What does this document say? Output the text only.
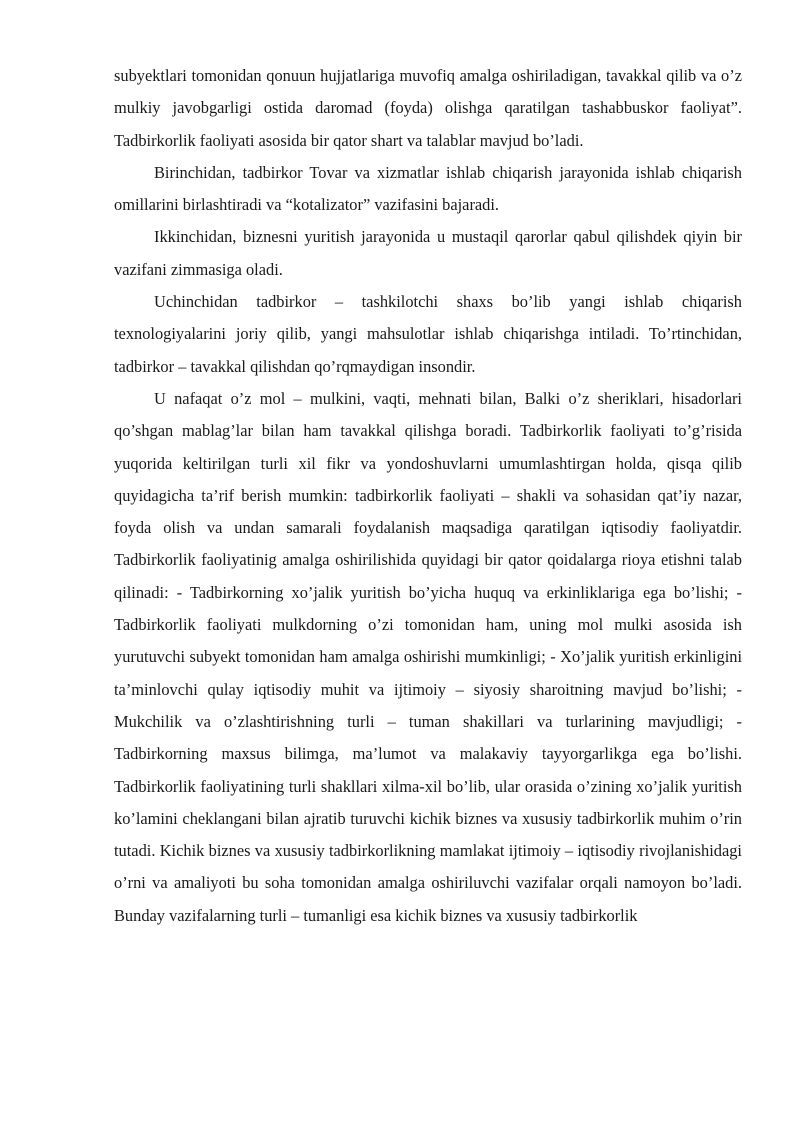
subyektlari tomonidan qonuun hujjatlariga muvofiq amalga oshiriladigan, tavakkal qilib va o’z mulkiy javobgarligi ostida daromad (foyda) olishga qaratilgan tashabbuskor faoliyat”. Tadbirkorlik faoliyati asosida bir qator shart va talablar mavjud bo’ladi.

Birinchidan, tadbirkor Tovar va xizmatlar ishlab chiqarish jarayonida ishlab chiqarish omillarini birlashtiradi va “kotalizator” vazifasini bajaradi.

Ikkinchidan, biznesni yuritish jarayonida u mustaqil qarorlar qabul qilishdek qiyin bir vazifani zimmasiga oladi.

Uchinchidan tadbirkor – tashkilotchi shaxs bo’lib yangi ishlab chiqarish texnologiyalarini joriy qilib, yangi mahsulotlar ishlab chiqarishga intiladi. To’rtinchidan, tadbirkor – tavakkal qilishdan qo’rqmaydigan insondir.

U nafaqat o’z mol – mulkini, vaqti, mehnati bilan, Balki o’z sheriklari, hisadorlari qo’shgan mablag’lar bilan ham tavakkal qilishga boradi. Tadbirkorlik faoliyati to’g’risida yuqorida keltirilgan turli xil fikr va yondoshuvlarni umumlashtirgan holda, qisqa qilib quyidagicha ta’rif berish mumkin: tadbirkorlik faoliyati – shakli va sohasidan qat’iy nazar, foyda olish va undan samarali foydalanish maqsadiga qaratilgan iqtisodiy faoliyatdir. Tadbirkorlik faoliyatinig amalga oshirilishida quyidagi bir qator qoidalarga rioya etishni talab qilinadi: - Tadbirkorning xo’jalik yuritish bo’yicha huquq va erkinliklariga ega bo’lishi; - Tadbirkorlik faoliyati mulkdorning o’zi tomonidan ham, uning mol mulki asosida ish yurutuvchi subyekt tomonidan ham amalga oshirishi mumkinligi; - Xo’jalik yuritish erkinligini ta’minlovchi qulay iqtisodiy muhit va ijtimoiy – siyosiy sharoitning mavjud bo’lishi; - Mukchilik va o’zlashtirishning turli – tuman shakillari va turlarining mavjudligi; - Tadbirkorning maxsus bilimga, ma’lumot va malakaviy tayyorgarlikga ega bo’lishi. Tadbirkorlik faoliyatining turli shakllari xilma-xil bo’lib, ular orasida o’zining xo’jalik yuritish ko’lamini cheklangani bilan ajratib turuvchi kichik biznes va xususiy tadbirkorlik muhim o’rin tutadi. Kichik biznes va xususiy tadbirkorlikning mamlakat ijtimoiy – iqtisodiy rivojlanishidagi o’rni va amaliyoti bu soha tomonidan amalga oshiriluvchi vazifalar orqali namoyon bo’ladi. Bunday vazifalarning turli – tumanligi esa kichik biznes va xususiy tadbirkorlik
